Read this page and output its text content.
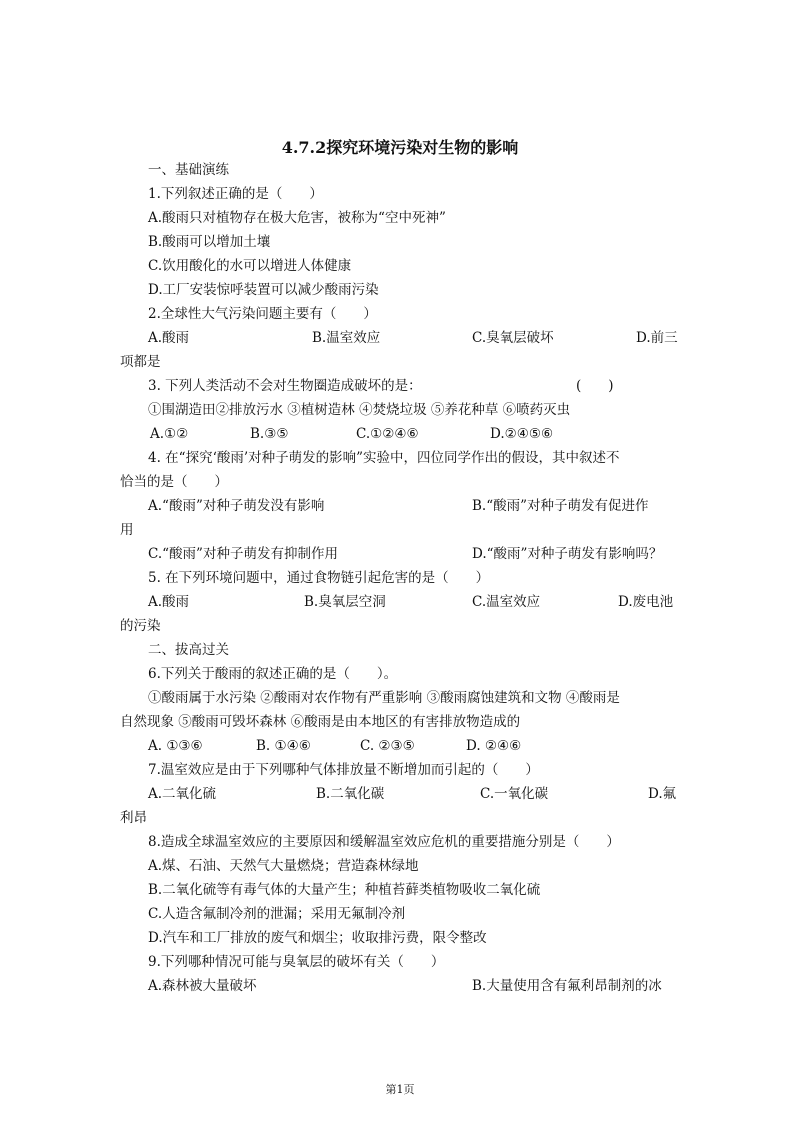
4.7.2探究环境污染对生物的影响
一、基础演练
1.下列叙述正确的是（　　）
A.酸雨只对植物存在极大危害，被称为“空中死神”
B.酸雨可以增加土壤
C.饮用酸化的水可以增进人体健康
D.工厂安装惊呼装置可以减少酸雨污染
2.全球性大气污染问题主要有（　　）
A.酸雨	B.温室效应	C.臭氧层破坏	D.前三
项都是
3. 下列人类活动不会对生物圈造成破坏的是：	(　　)
①围湖造田②排放污水 ③植树造林 ④焚烧垃圾 ⑤养花种草 ⑥喷药灭虫
A.①②	B.③⑤	C.①②④⑥	D.②④⑤⑥
4. 在“探究‘酸雨’对种子萌发的影响”实验中，四位同学作出的假设，其中叙述不
恰当的是（　　）
A.“酸雨”对种子萌发没有影响	B.“酸雨”对种子萌发有促进作
用
C.“酸雨”对种子萌发有抑制作用	D.“酸雨”对种子萌发有影响吗？
5. 在下列环境问题中，通过食物链引起危害的是（　　）
A.酸雨	B.臭氧层空洞	C.温室效应	D.废电池
的污染
二、拔高过关
6.下列关于酸雨的叙述正确的是（　　）。
①酸雨属于水污染 ②酸雨对农作物有严重影响 ③酸雨腐蚀建筑和文物 ④酸雨是
自然现象 ⑤酸雨可毁坏森林 ⑥酸雨是由本地区的有害排放物造成的
A. ①③⑥	B. ①④⑥	C. ②③⑤	D. ②④⑥
7.温室效应是由于下列哪种气体排放量不断增加而引起的（　　）
A.二氧化硫	B.二氧化碳	C.一氧化碳	D.氟
利昂
8.造成全球温室效应的主要原因和缓解温室效应危机的重要措施分别是（　　）
A.煤、石油、天然气大量燃烧；营造森林绿地
B.二氧化硫等有毒气体的大量产生；种植苔藓类植物吸收二氧化硫
C.人造含氟制冷剂的泄漏；采用无氟制冷剂
D.汽车和工厂排放的废气和烟尘；收取排污费，限令整改
9.下列哪种情况可能与臭氧层的破坏有关（　　）
A.森林被大量破坏	B.大量使用含有氟利昂制剂的冰
第1页
